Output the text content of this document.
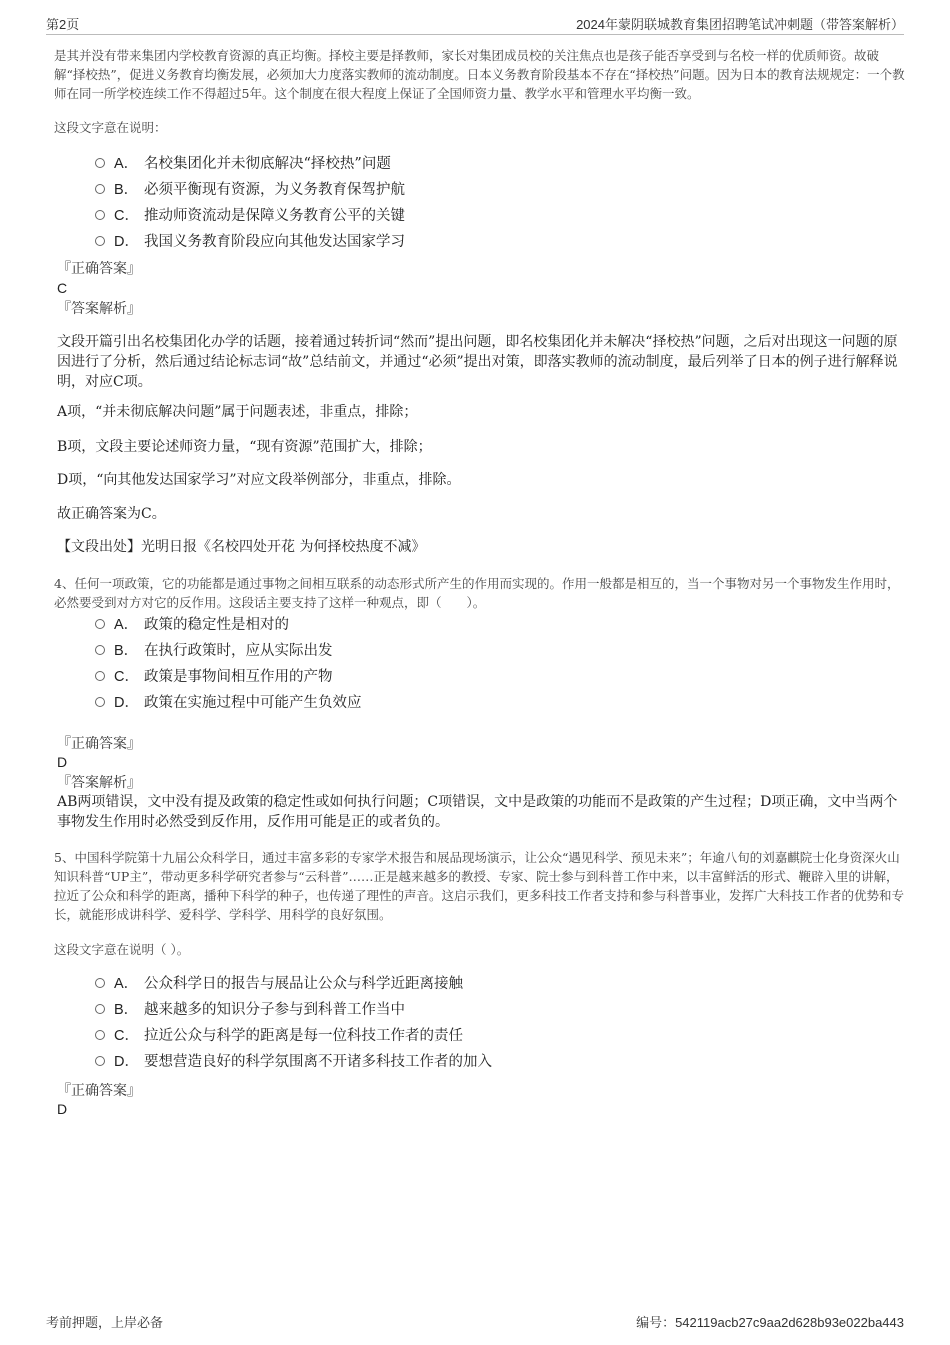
第2页	2024年蒙阴联城教育集团招聘笔试冲刺题（带答案解析）
是其并没有带来集团内学校教育资源的真正均衡。择校主要是择教师，家长对集团成员校的关注焦点也是孩子能否享受到与名校一样的优质师资。故破解“择校热”，促进义务教育均衡发展，必须加大力度落实教师的流动制度。日本义务教育阶段基本不存在“择校热”问题。因为日本的教育法规规定：一个教师在同一所学校连续工作不得超过5年。这个制度在很大程度上保证了全国师资力量、教学水平和管理水平均衡一致。
这段文字意在说明：
A． 名校集团化并未彻底解决“择校热”问题
B． 必须平衡现有资源，为义务教育保驾护航
C． 推动师资流动是保障义务教育公平的关键
D． 我国义务教育阶段应向其他发达国家学习
『正确答案』
C
『答案解析』
文段开篇引出名校集团化办学的话题，接着通过转折词“然而”提出问题，即名校集团化并未解决“择校热”问题，之后对出现这一问题的原因进行了分析，然后通过结论标志词“故”总结前文，并通过“必须”提出对策，即落实教师的流动制度，最后列举了日本的例子进行解释说明，对应C项。
A项，“并未彻底解决问题”属于问题表述，非重点，排除；
B项，文段主要论述师资力量，“现有资源”范围扩大，排除；
D项，“向其他发达国家学习”对应文段举例部分，非重点，排除。
故正确答案为C。
【文段出处】光明日报《名校四处开花 为何择校热度不减》
4、任何一项政策，它的功能都是通过事物之间相互联系的动态形式所产生的作用而实现的。作用一般都是相互的，当一个事物对另一个事物发生作用时，必然要受到对方对它的反作用。这段话主要支持了这样一种观点，即（　　）。
A． 政策的稳定性是相对的
B． 在执行政策时，应从实际出发
C． 政策是事物间相互作用的产物
D． 政策在实施过程中可能产生负效应
『正确答案』
D
『答案解析』
AB两项错误，文中没有提及政策的稳定性或如何执行问题；C项错误，文中是政策的功能而不是政策的产生过程；D项正确，文中当两个事物发生作用时必然受到反作用，反作用可能是正的或者负的。
5、中国科学院第十九届公众科学日，通过丰富多彩的专家学术报告和展品现场演示，让公众“遇见科学、预见未来”；年逾八旬的刘嘉麒院士化身资深火山知识科普“UP主”，带动更多科学研究者参与“云科普”……正是越来越多的教授、专家、院士参与到科普工作中来，以丰富鲜活的形式、鞭辟入里的讲解，拉近了公众和科学的距离，播种下科学的种子，也传递了理性的声音。这启示我们，更多科技工作者支持和参与科普事业，发挥广大科技工作者的优势和专长，就能形成讲科学、爱科学、学科学、用科学的良好氛围。
这段文字意在说明（ ）。
A． 公众科学日的报告与展品让公众与科学近距离接触
B． 越来越多的知识分子参与到科普工作当中
C． 拉近公众与科学的距离是每一位科技工作者的责任
D． 要想营造良好的科学氛围离不开诸多科技工作者的加入
『正确答案』
D
考前押题，上岸必备	编号：542119acb27c9aa2d628b93e022ba443
